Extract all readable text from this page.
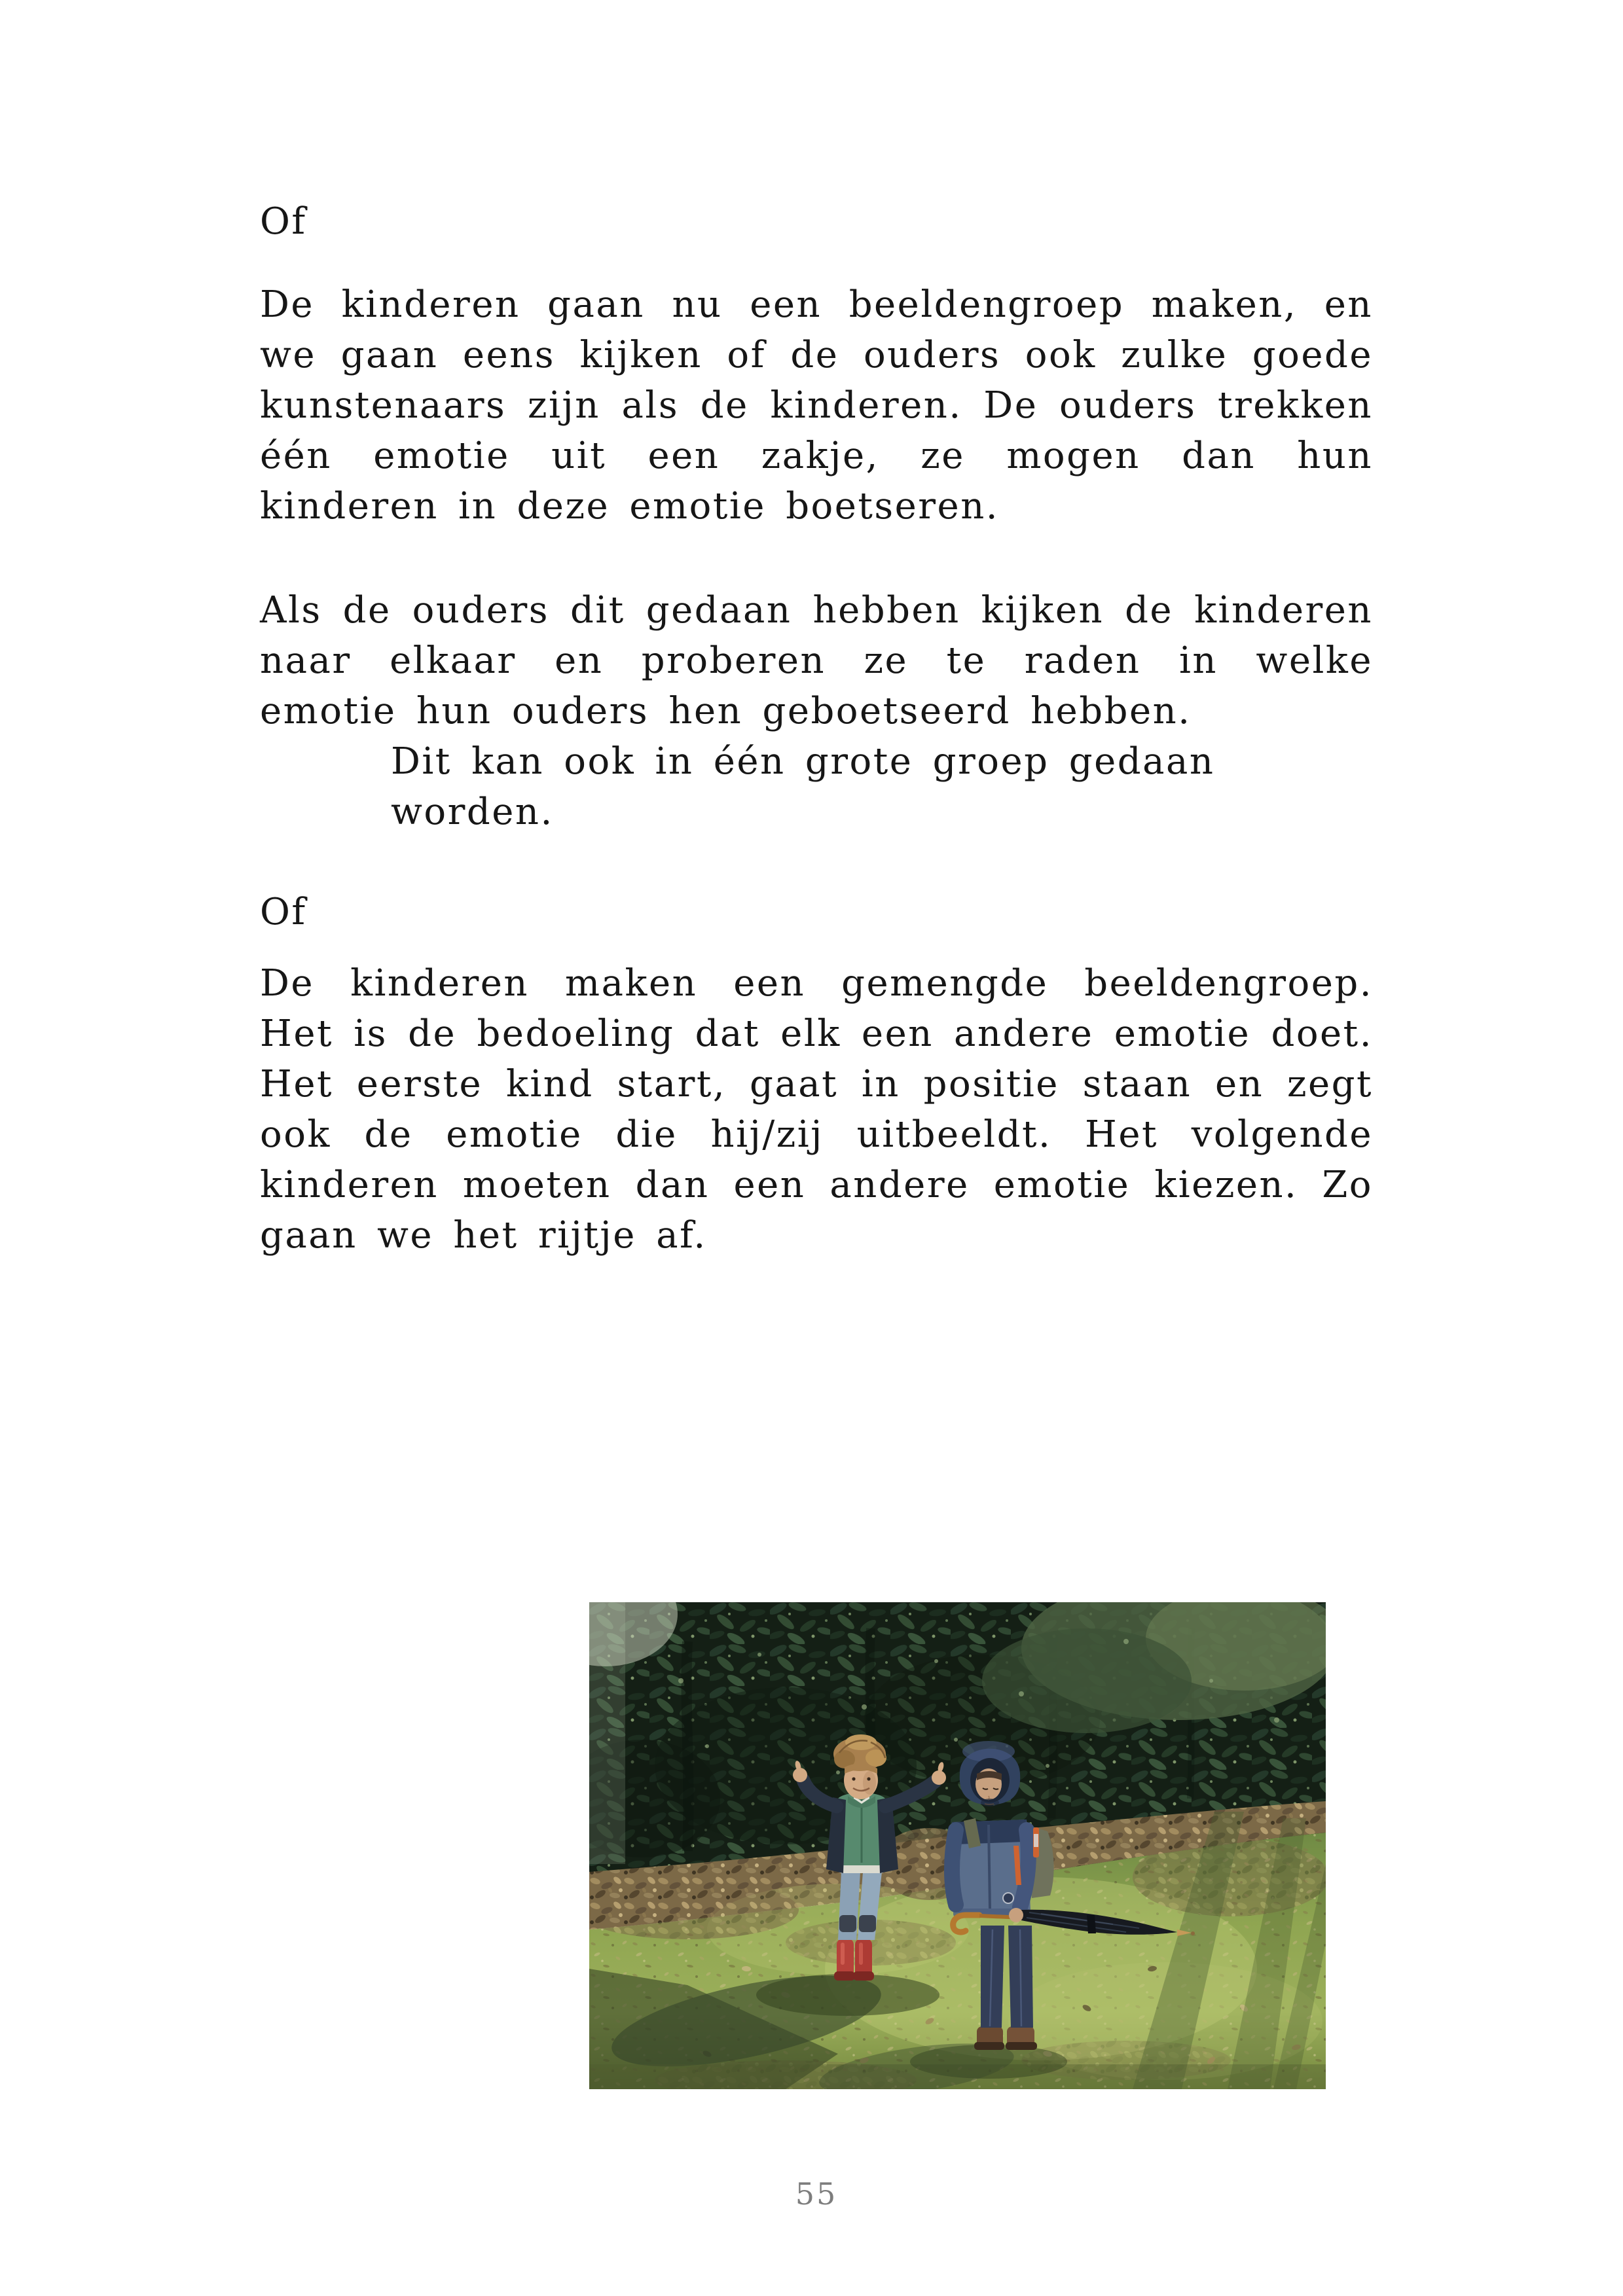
Of

De kinderen gaan nu een beeldengroep maken, en we gaan eens kijken of de ouders ook zulke goede kunstenaars zijn als de kinderen. De ouders trekken één emotie uit een zakje, ze mogen dan hun kinderen in deze emotie boetseren.

Als de ouders dit gedaan hebben kijken de kinderen naar elkaar en proberen ze te raden in welke emotie hun ouders hen geboetseerd hebben.

Dit kan ook in één grote groep gedaan worden.

Of

De kinderen maken een gemengde beeldengroep. Het is de bedoeling dat elk een andere emotie doet. Het eerste kind start, gaat in positie staan en zegt ook de emotie die hij/zij uitbeeldt. Het volgende kinderen moeten dan een andere emotie kiezen. Zo gaan we het rijtje af.

55
